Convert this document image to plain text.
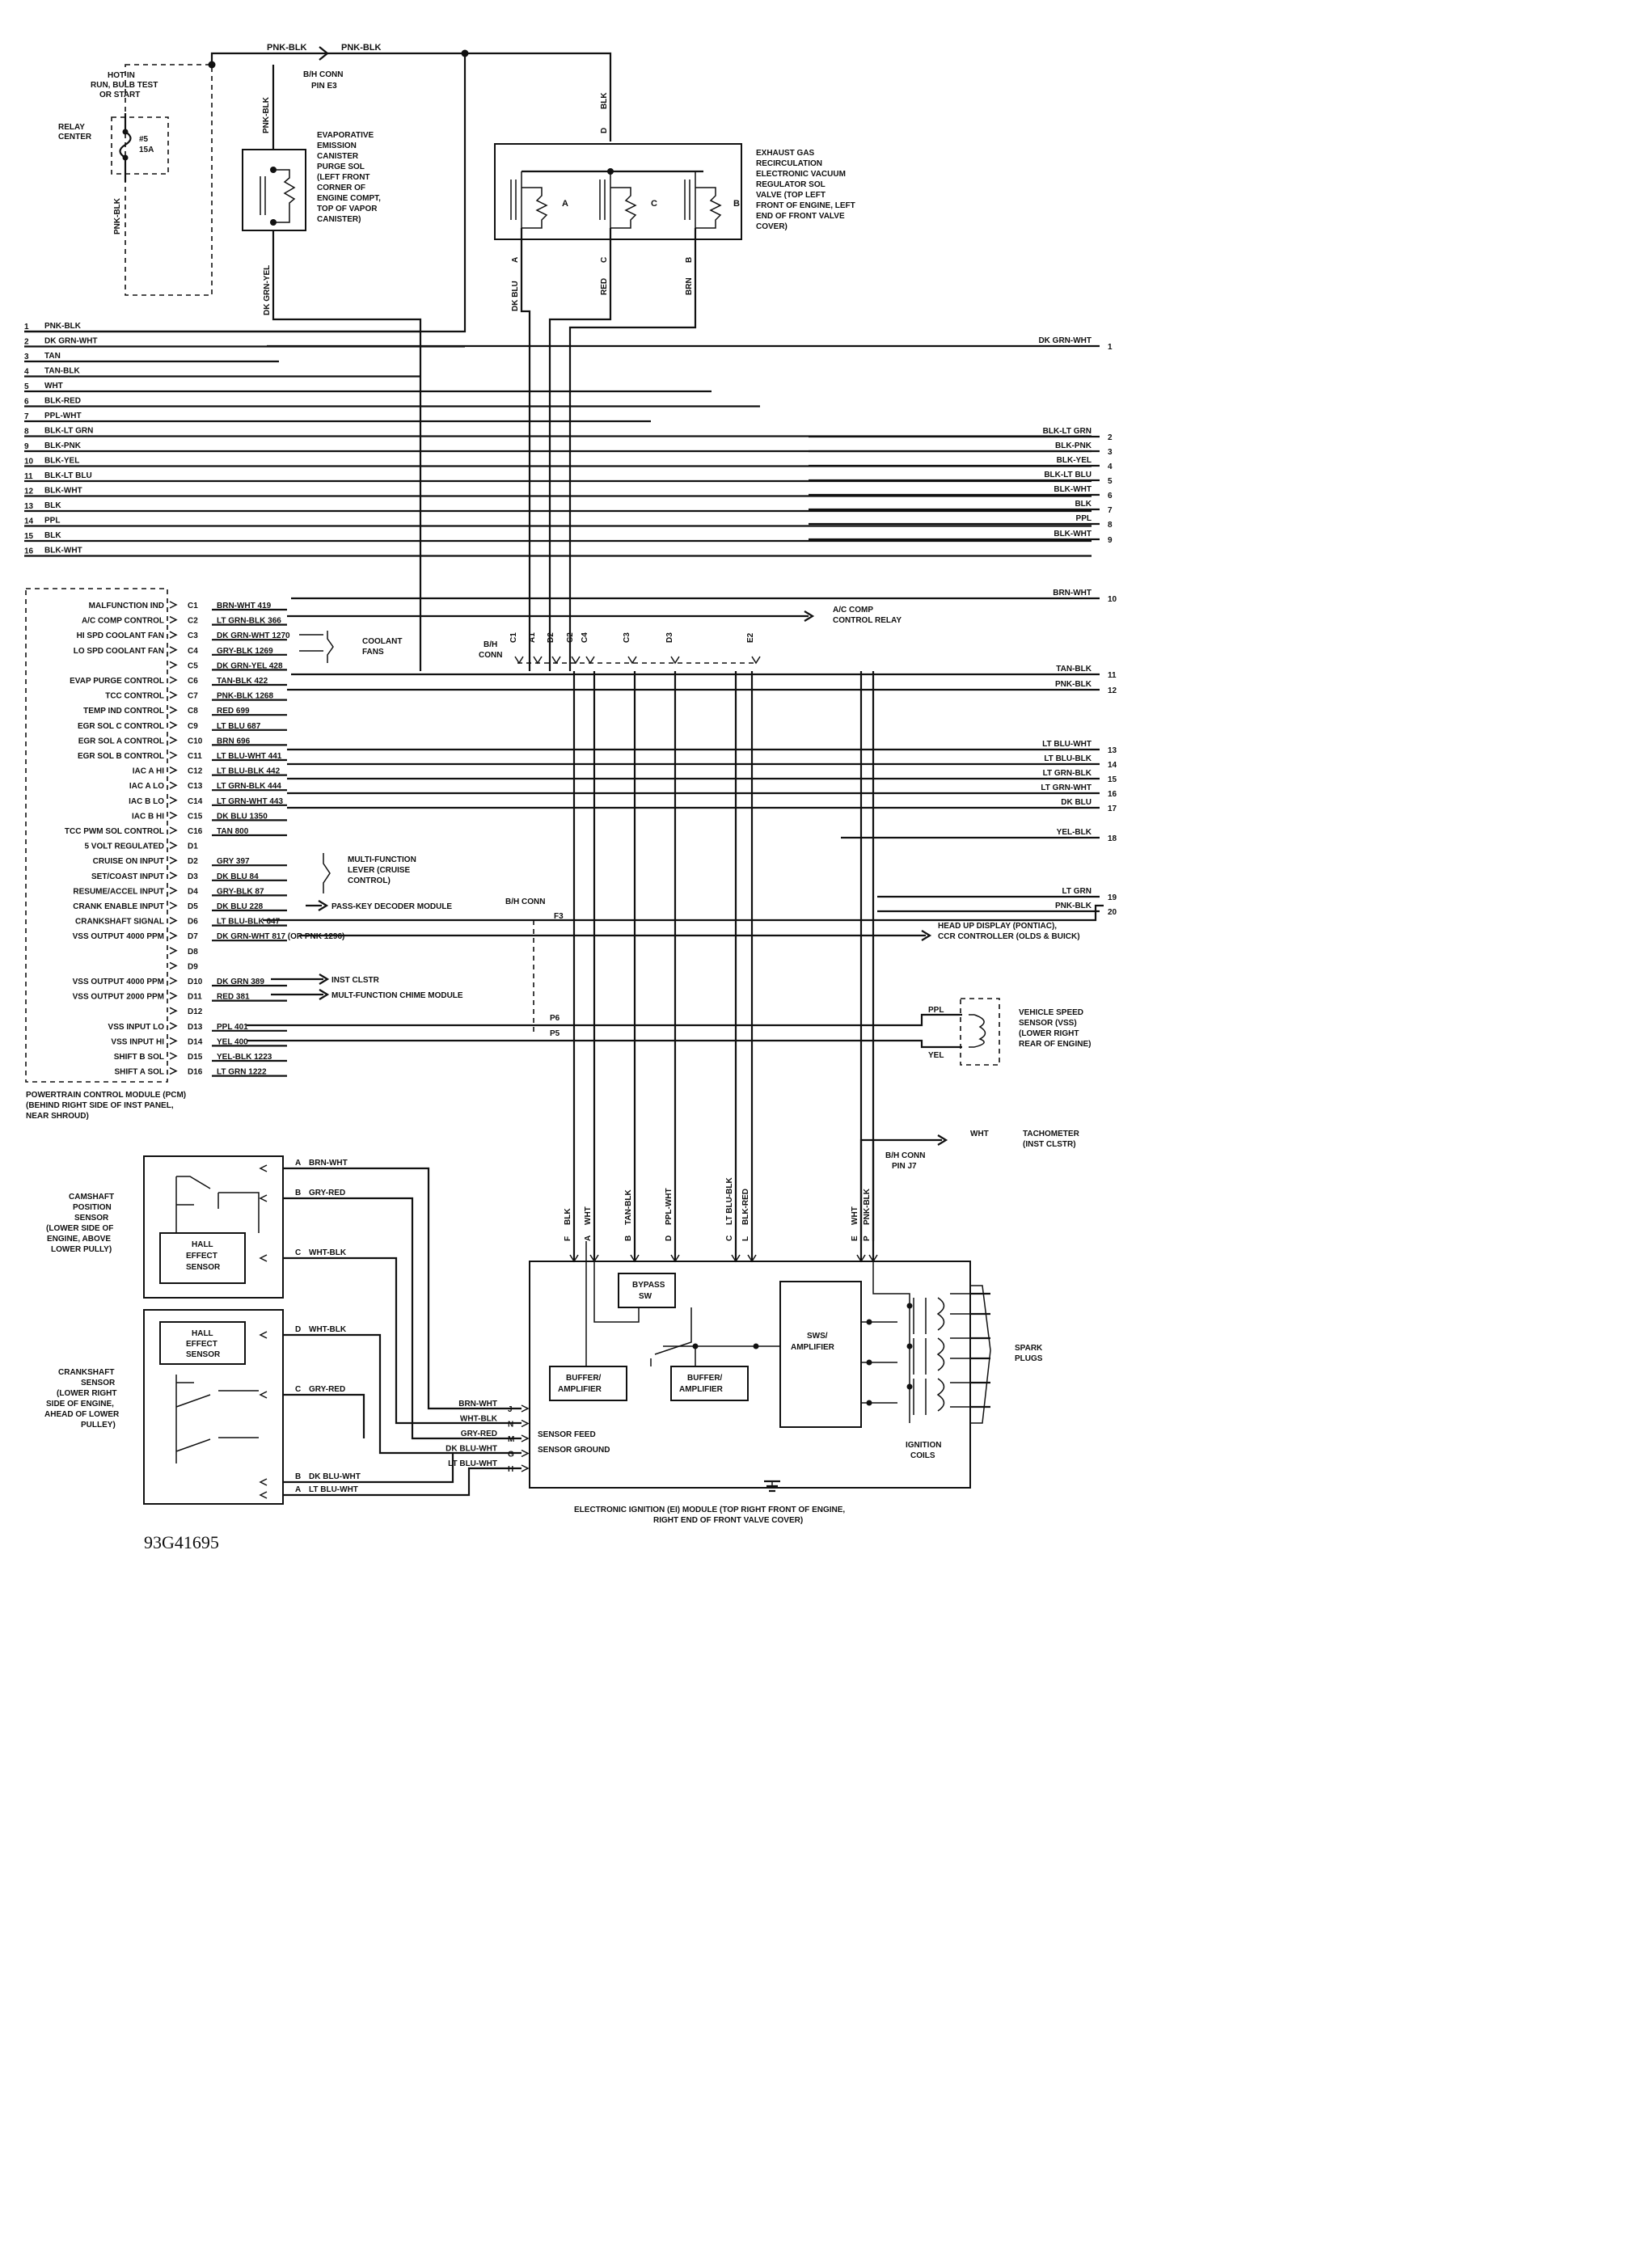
PNK-BLK	PNK-BLK
B/H CONN
PIN E3
HOT IN
RUN, BULB TEST
OR START
RELAY
CENTER	#5
15A
PNK-BLK
PNK-BLK
EVAPORATIVE
EMISSION
CANISTER
PURGE SOL
(LEFT FRONT
CORNER OF
ENGINE COMPT,
TOP OF VAPOR
CANISTER)
DK GRN-YEL
BLK
D
A	C	B
EXHAUST GAS
RECIRCULATION
ELECTRONIC VACUUM
REGULATOR SOL
VALVE (TOP LEFT
FRONT OF ENGINE, LEFT
END OF FRONT VALVE
COVER)
A
DK BLU
C
RED
B
BRN
1 PNK-BLK
2 DK GRN-WHT
3 TAN
4 TAN-BLK
5 WHT
6 BLK-RED
7 PPL-WHT
8 BLK-LT GRN
9 BLK-PNK
10 BLK-YEL
11 BLK-LT BLU
12 BLK-WHT
13 BLK
14 PPL
15 BLK
16 BLK-WHT
DK GRN-WHT
1
BLK-LT GRN
2
BLK-PNK
3
BLK-YEL
4
BLK-LT BLU
5
BLK-WHT
6
BLK
7
PPL
8
BLK-WHT
9
BRN-WHT
10
TAN-BLK
11
PNK-BLK
12
LT BLU-WHT
13
LT BLU-BLK
14
LT GRN-BLK
15
LT GRN-WHT
16
DK BLU
17
YEL-BLK
18
LT GRN
19
PNK-BLK
20
MALFUNCTION IND	C1 BRN-WHT 419
A/C COMP CONTROL	C2 LT GRN-BLK 366
HI SPD COOLANT FAN	C3 DK GRN-WHT 1270
LO SPD COOLANT FAN	C4 GRY-BLK 1269
C5 DK GRN-YEL 428
EVAP PURGE CONTROL	C6 TAN-BLK 422
TCC CONTROL	C7 PNK-BLK 1268
TEMP IND CONTROL	C8 RED 699
EGR SOL C CONTROL	C9 LT BLU 687
EGR SOL A CONTROL	C10 BRN 696
EGR SOL B CONTROL	C11 LT BLU-WHT 441
IAC A HI	C12 LT BLU-BLK 442
IAC A LO	C13 LT GRN-BLK 444
IAC B LO	C14 LT GRN-WHT 443
IAC B HI	C15 DK BLU 1350
TCC PWM SOL CONTROL	C16 TAN 800
5 VOLT REGULATED	D1
CRUISE ON INPUT	D2 GRY 397
SET/COAST INPUT	D3 DK BLU 84
RESUME/ACCEL INPUT	D4 GRY-BLK 87
CRANK ENABLE INPUT	D5 DK BLU 228
CRANKSHAFT SIGNAL	D6 LT BLU-BLK 647
VSS OUTPUT 4000 PPM	D7 DK GRN-WHT 817 (OR PNK 1296)
D8
D9
VSS OUTPUT 4000 PPM	D10 DK GRN 389
VSS OUTPUT 2000 PPM	D11 RED 381
D12
VSS INPUT LO	D13 PPL 401
VSS INPUT HI	D14 YEL 400
SHIFT B SOL	D15 YEL-BLK 1223
SHIFT A SOL	D16 LT GRN 1222
POWERTRAIN CONTROL MODULE (PCM)
(BEHIND RIGHT SIDE OF INST PANEL,
NEAR SHROUD)
COOLANT
FANS
A/C COMP
CONTROL RELAY
B/H
CONN
C1 A1 D2 C2 C4	C3	D3	E2
MULTI-FUNCTION
LEVER (CRUISE
CONTROL)
PASS-KEY DECODER MODULE
B/H CONN
F3
HEAD UP DISPLAY (PONTIAC),
CCR CONTROLLER (OLDS & BUICK)
INST CLSTR
MULT-FUNCTION CHIME MODULE
P6
P5
PPL
YEL
VEHICLE SPEED
SENSOR (VSS)
(LOWER RIGHT
REAR OF ENGINE)
WHT	TACHOMETER
(INST CLSTR)
B/H CONN
PIN J7
F
BLK
A
WHT
B
TAN-BLK
D
PPL-WHT
C
LT BLU-BLK
L
BLK-RED
E
WHT
P
PNK-BLK
BYPASS
SW
BUFFER/
AMPLIFIER
BUFFER/
AMPLIFIER
SWS/
AMPLIFIER
IGNITION
COILS
SPARK
PLUGS
SENSOR FEED
SENSOR GROUND
BRN-WHT
J
WHT-BLK
N
GRY-RED
M
DK BLU-WHT
G
LT BLU-WHT
H
ELECTRONIC IGNITION (EI) MODULE (TOP RIGHT FRONT OF ENGINE,
RIGHT END OF FRONT VALVE COVER)
HALL
EFFECT
SENSOR
CAMSHAFT
POSITION
SENSOR
(LOWER SIDE OF
ENGINE, ABOVE
LOWER PULLY)
A BRN-WHT
B GRY-RED
C WHT-BLK
HALL
EFFECT
SENSOR
CRANKSHAFT
SENSOR
(LOWER RIGHT
SIDE OF ENGINE,
AHEAD OF LOWER
PULLEY)
D WHT-BLK
C GRY-RED
B DK BLU-WHT
A LT BLU-WHT
93G41695
